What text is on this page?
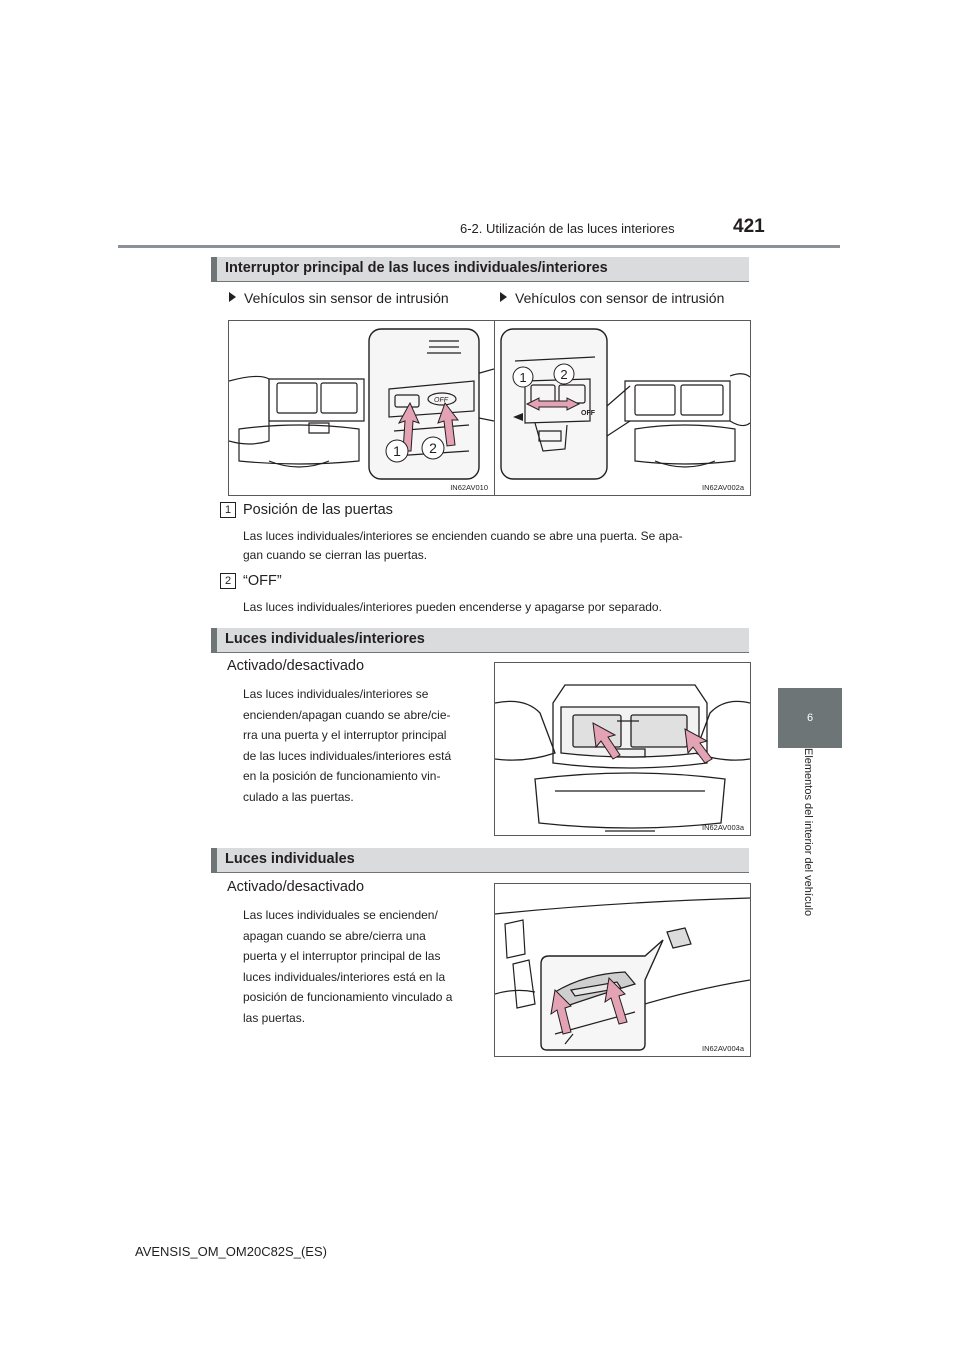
6-2. Utilización de las luces interiores	421
6
Elementos del interior del vehículo
Interruptor principal de las luces individuales/interiores
Vehículos sin sensor de intrusión	Vehículos con sensor de intrusión
OFF
1 2
IN62AV010
OFF
1	2
IN62AV002a
1 Posición de las puertas
Las luces individuales/interiores se encienden cuando se abre una puerta. Se apa-
gan cuando se cierran las puertas.
2 “OFF”
Las luces individuales/interiores pueden encenderse y apagarse por separado.
Luces individuales/interiores
Activado/desactivado
Las luces individuales/interiores se
encienden/apagan cuando se abre/cie-
rra una puerta y el interruptor principal
de las luces individuales/interiores está
en la posición de funcionamiento vin-
culado a las puertas.
IN62AV003a
Luces individuales
Activado/desactivado
Las luces individuales se encienden/
apagan cuando se abre/cierra una
puerta y el interruptor principal de las
luces individuales/interiores está en la
posición de funcionamiento vinculado a
las puertas.
IN62AV004a
AVENSIS_OM_OM20C82S_(ES)
